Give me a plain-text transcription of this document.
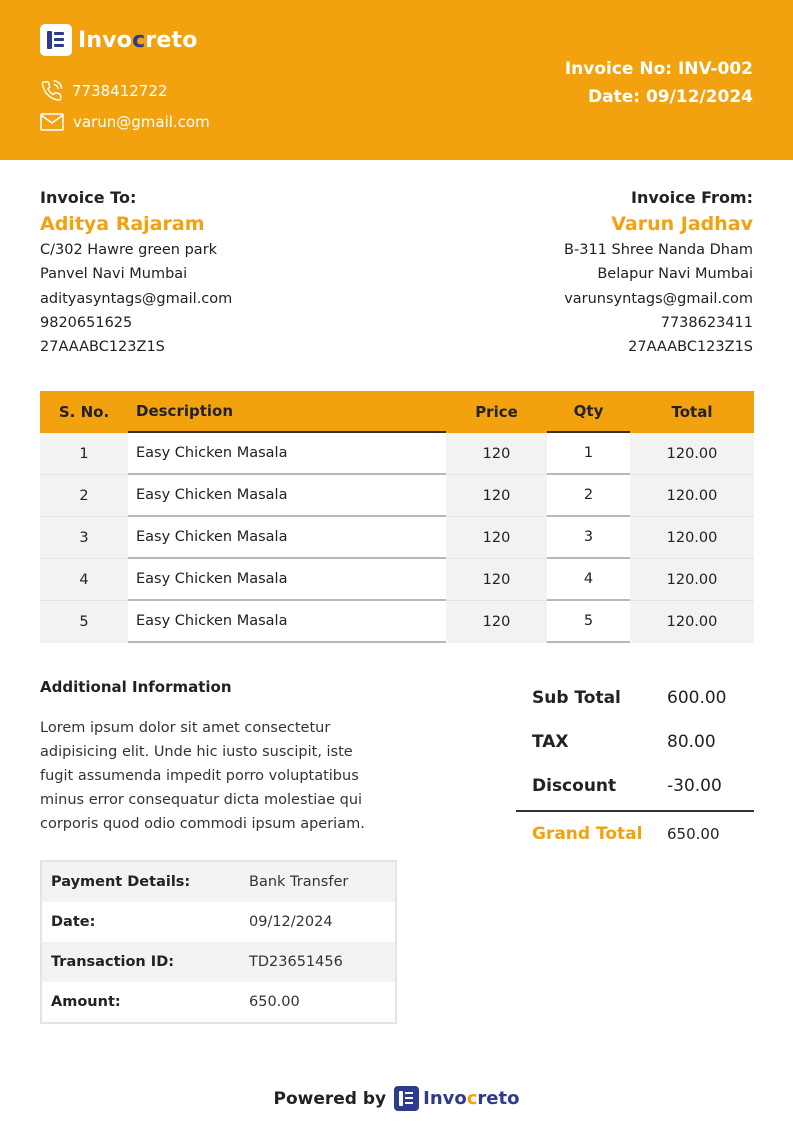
Invocreto
7738412722
varun@gmail.com
Invoice No: INV-002
Date: 09/12/2024
Invoice To:
Aditya Rajaram
C/302 Hawre green park
Panvel Navi Mumbai
adityasyntags@gmail.com
9820651625
27AAABC123Z1S
Invoice From:
Varun Jadhav
B-311 Shree Nanda Dham
Belapur Navi Mumbai
varunsyntags@gmail.com
7738623411
27AAABC123Z1S
S. No.	Description	Price	Qty	Total
1	Easy Chicken Masala	120	1	120.00
2	Easy Chicken Masala	120	2	120.00
3	Easy Chicken Masala	120	3	120.00
4	Easy Chicken Masala	120	4	120.00
5	Easy Chicken Masala	120	5	120.00
Additional Information
Lorem ipsum dolor sit amet consectetur adipisicing elit. Unde hic iusto suscipit, iste fugit assumenda impedit porro voluptatibus minus error consequatur dicta molestiae qui corporis quod odio commodi ipsum aperiam.
Sub Total	600.00
TAX	80.00
Discount	-30.00
Grand Total	650.00
Payment Details:	Bank Transfer
Date:	09/12/2024
Transaction ID:	TD23651456
Amount:	650.00
Powered by Invocreto
